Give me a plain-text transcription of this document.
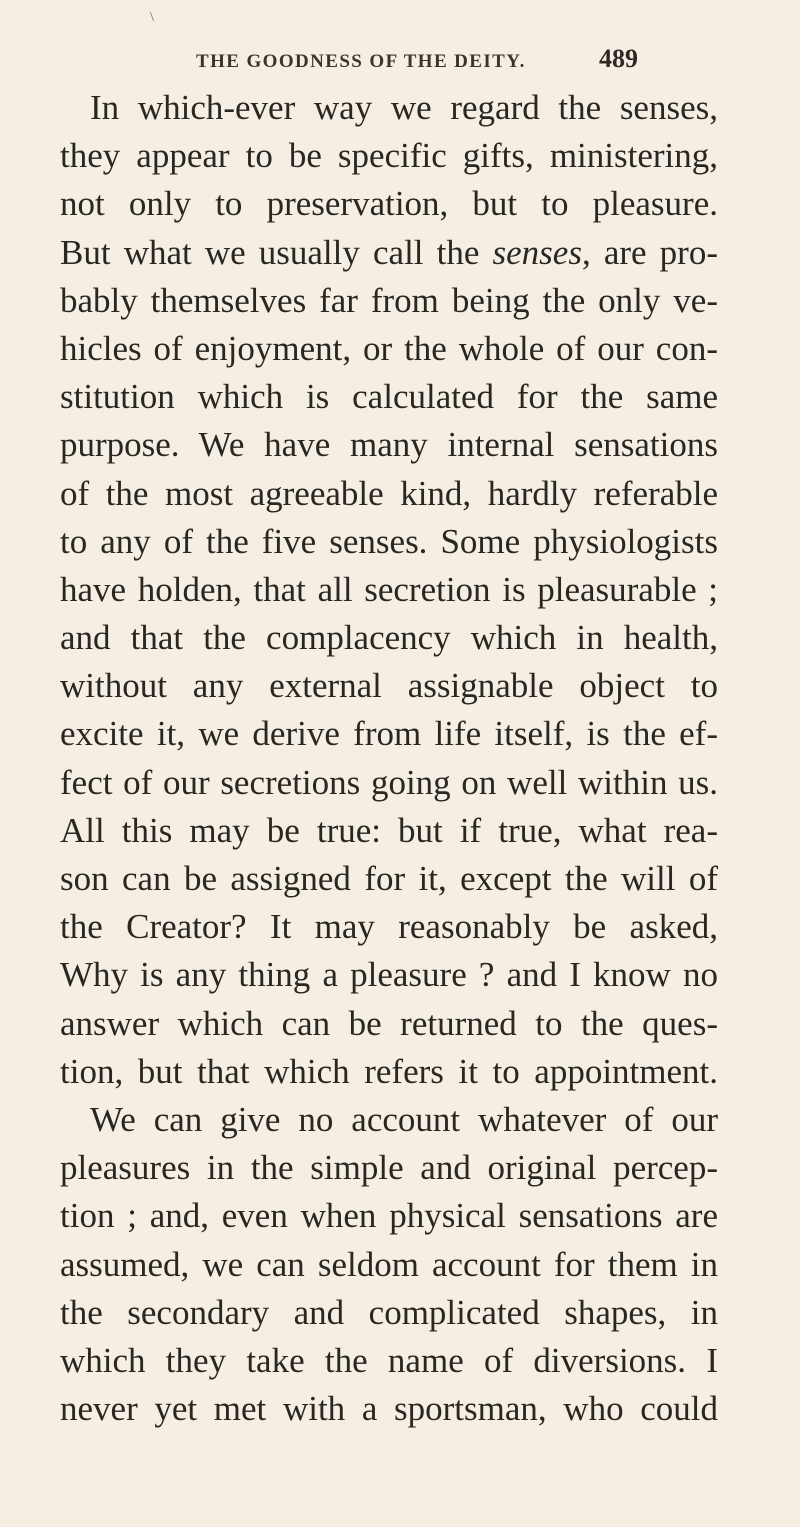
\
THE GOODNESS OF THE DEITY.	489
In which-ever way we regard the senses,
they appear to be specific gifts, ministering,
not only to preservation, but to pleasure.
But what we usually call the senses, are pro-
bably themselves far from being the only ve-
hicles of enjoyment, or the whole of our con-
stitution which is calculated for the same
purpose. We have many internal sensations
of the most agreeable kind, hardly referable
to any of the five senses. Some physiologists
have holden, that all secretion is pleasurable ;
and that the complacency which in health,
without any external assignable object to
excite it, we derive from life itself, is the ef-
fect of our secretions going on well within us.
All this may be true: but if true, what rea-
son can be assigned for it, except the will of
the Creator? It may reasonably be asked,
Why is any thing a pleasure ? and I know no
answer which can be returned to the ques-
tion, but that which refers it to appointment.
We can give no account whatever of our
pleasures in the simple and original percep-
tion ; and, even when physical sensations are
assumed, we can seldom account for them in
the secondary and complicated shapes, in
which they take the name of diversions. I
never yet met with a sportsman, who could
